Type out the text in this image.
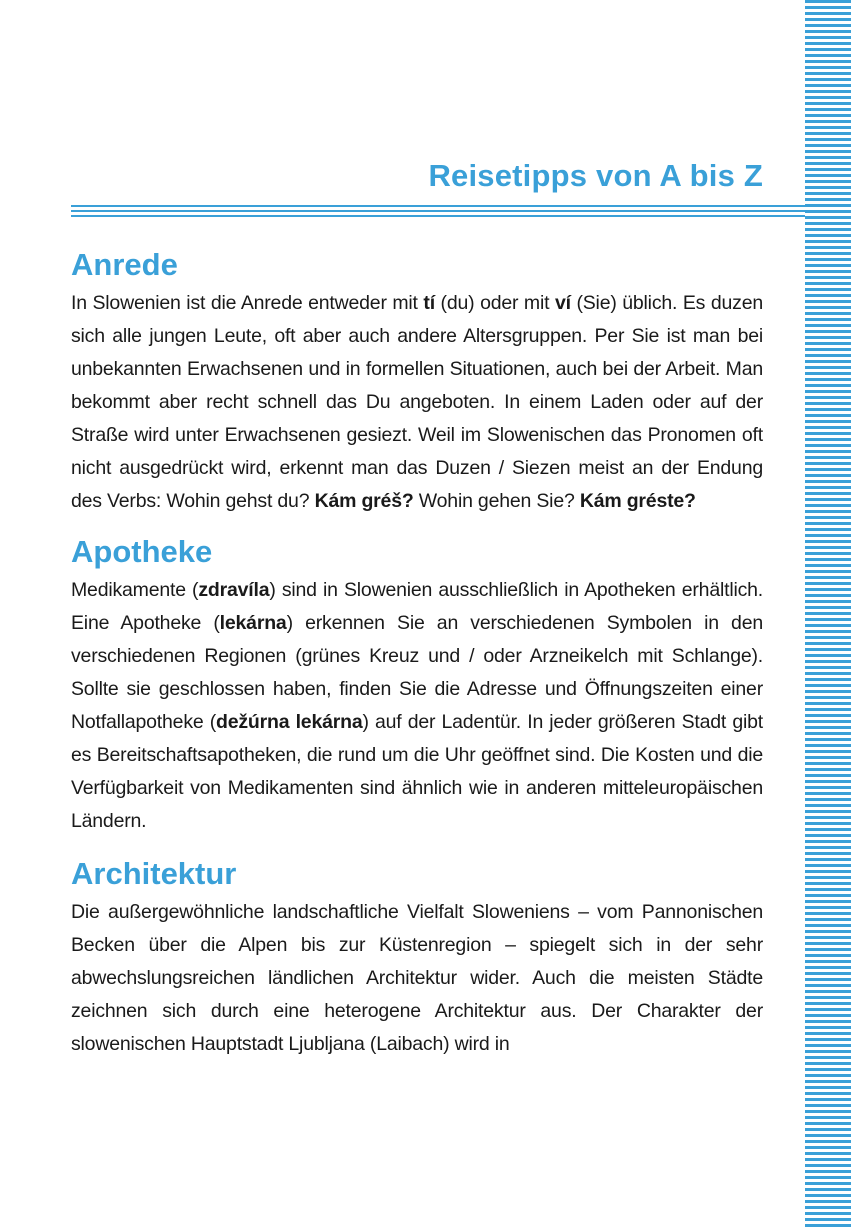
Reisetipps von A bis Z
Anrede

In Slowenien ist die Anrede entweder mit tí (du) oder mit ví (Sie) üblich. Es duzen sich alle jungen Leute, oft aber auch andere Altersgruppen. Per Sie ist man bei unbekannten Erwachsenen und in formellen Situationen, auch bei der Arbeit. Man bekommt aber recht schnell das Du angeboten. In einem Laden oder auf der Straße wird unter Erwachsenen gesiezt. Weil im Slowenischen das Pronomen oft nicht ausgedrückt wird, erkennt man das Duzen / Siezen meist an der Endung des Verbs: Wohin gehst du? Kám gréš? Wohin gehen Sie? Kám gréste?

Apotheke

Medikamente (zdravíla) sind in Slowenien ausschließlich in Apotheken erhältlich. Eine Apotheke (lekárna) erkennen Sie an verschiedenen Symbolen in den verschiedenen Regionen (grünes Kreuz und / oder Arzneikelch mit Schlange). Sollte sie geschlossen haben, finden Sie die Adresse und Öffnungszeiten einer Notfallapotheke (dežúrna lekárna) auf der Ladentür. In jeder größeren Stadt gibt es Bereitschaftsapotheken, die rund um die Uhr geöffnet sind. Die Kosten und die Verfügbarkeit von Medikamenten sind ähnlich wie in anderen mitteleuropäischen Ländern.

Architektur

Die außergewöhnliche landschaftliche Vielfalt Sloweniens – vom Pannonischen Becken über die Alpen bis zur Küstenregion – spiegelt sich in der sehr abwechslungsreichen ländlichen Architektur wider. Auch die meisten Städte zeichnen sich durch eine heterogene Architektur aus. Der Charakter der slowenischen Hauptstadt Ljubljana (Laibach) wird in
